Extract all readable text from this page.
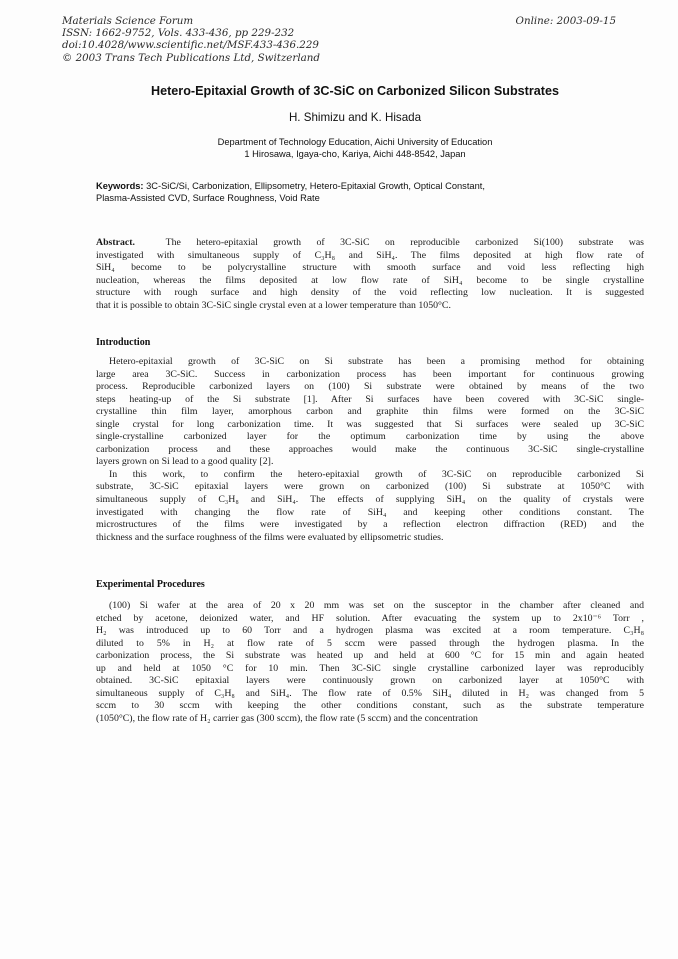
Materials Science Forum
ISSN: 1662-9752, Vols. 433-436, pp 229-232
doi:10.4028/www.scientific.net/MSF.433-436.229
© 2003 Trans Tech Publications Ltd, Switzerland
Online: 2003-09-15
Hetero-Epitaxial Growth of 3C-SiC on Carbonized Silicon Substrates
H. Shimizu and K. Hisada
Department of Technology Education, Aichi University of Education
1 Hirosawa, Igaya-cho, Kariya, Aichi 448-8542, Japan
Keywords: 3C-SiC/Si, Carbonization, Ellipsometry, Hetero-Epitaxial Growth, Optical Constant,
Plasma-Assisted CVD, Surface Roughness, Void Rate
Abstract.	The hetero-epitaxial growth of 3C-SiC on reproducible carbonized Si(100) substrate was
investigated with simultaneous supply of C₃H₈ and SiH₄. The films deposited at high flow rate of
SiH₄ become to be polycrystalline structure with smooth surface and void less reflecting high
nucleation, whereas the films deposited at low flow rate of SiH₄ become to be single crystalline
structure with rough surface and high density of the void reflecting low nucleation. It is suggested
that it is possible to obtain 3C-SiC single crystal even at a lower temperature than 1050°C.
Introduction
Hetero-epitaxial growth of 3C-SiC on Si substrate has been a promising method for obtaining
large area 3C-SiC. Success in carbonization process has been important for continuous growing
process. Reproducible carbonized layers on (100) Si substrate were obtained by means of the two
steps heating-up of the Si substrate [1]. After Si surfaces have been covered with 3C-SiC single-
crystalline thin film layer, amorphous carbon and graphite thin films were formed on the 3C-SiC
single crystal for long carbonization time. It was suggested that Si surfaces were sealed up 3C-SiC
single-crystalline carbonized layer for the optimum carbonization time by using the above
carbonization process and these approaches would make the continuous 3C-SiC single-crystalline
layers grown on Si lead to a good quality [2].
In this work, to confirm the hetero-epitaxial growth of 3C-SiC on reproducible carbonized Si
substrate, 3C-SiC epitaxial layers were grown on carbonized (100) Si substrate at 1050°C with
simultaneous supply of C₃H₈ and SiH₄. The effects of supplying SiH₄ on the quality of crystals were
investigated with changing the flow rate of SiH₄ and keeping other conditions constant. The
microstructures of the films were investigated by a reflection electron diffraction (RED) and the
thickness and the surface roughness of the films were evaluated by ellipsometric studies.
Experimental Procedures
(100) Si wafer at the area of 20 x 20 mm was set on the susceptor in the chamber after cleaned and
etched by acetone, deionized water, and HF solution. After evacuating the system up to 2x10⁻⁶ Torr ,
H₂ was introduced up to 60 Torr and a hydrogen plasma was excited at a room temperature. C₃H₈
diluted to 5% in H₂ at flow rate of 5 sccm were passed through the hydrogen plasma. In the
carbonization process, the Si substrate was heated up and held at 600 °C for 15 min and again heated
up and held at 1050 °C for 10 min. Then 3C-SiC single crystalline carbonized layer was reproducibly
obtained. 3C-SiC epitaxial layers were continuously grown on carbonized layer at 1050°C with
simultaneous supply of C₃H₈ and SiH₄. The flow rate of 0.5% SiH₄ diluted in H₂ was changed from 5
sccm to 30 sccm with keeping the other conditions constant, such as the substrate temperature
(1050°C), the flow rate of H₂ carrier gas (300 sccm), the flow rate (5 sccm) and the concentration
